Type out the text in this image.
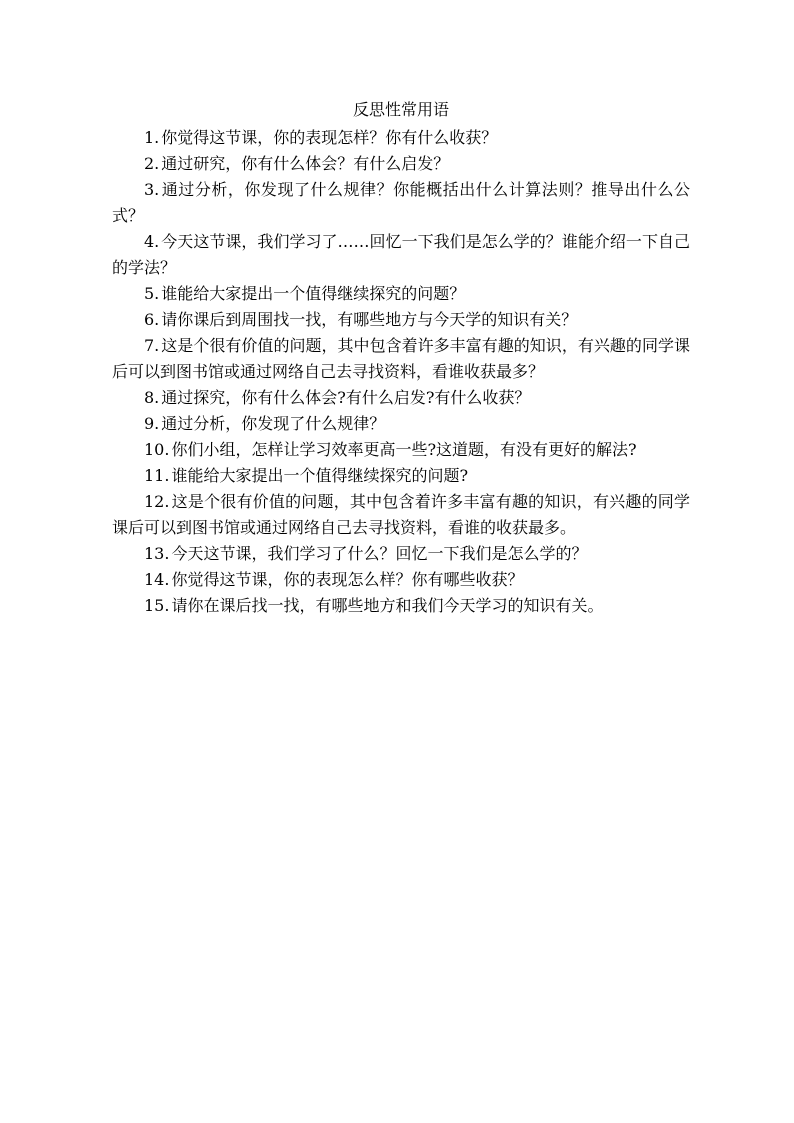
反思性常用语

1. 你觉得这节课，你的表现怎样？你有什么收获？

2. 通过研究，你有什么体会？有什么启发？

3. 通过分析，你发现了什么规律？你能概括出什么计算法则？推导出什么公式？

4. 今天这节课，我们学习了……回忆一下我们是怎么学的？谁能介绍一下自己的学法？

5. 谁能给大家提出一个值得继续探究的问题？

6. 请你课后到周围找一找，有哪些地方与今天学的知识有关？

7. 这是个很有价值的问题，其中包含着许多丰富有趣的知识，有兴趣的同学课后可以到图书馆或通过网络自己去寻找资料，看谁收获最多？

8. 通过探究，你有什么体会?有什么启发?有什么收获？

9. 通过分析，你发现了什么规律？

10. 你们小组，怎样让学习效率更高一些?这道题，有没有更好的解法?

11. 谁能给大家提出一个值得继续探究的问题?

12. 这是个很有价值的问题，其中包含着许多丰富有趣的知识，有兴趣的同学课后可以到图书馆或通过网络自己去寻找资料，看谁的收获最多。

13. 今天这节课，我们学习了什么？回忆一下我们是怎么学的？

14. 你觉得这节课，你的表现怎么样？你有哪些收获？

15. 请你在课后找一找，有哪些地方和我们今天学习的知识有关。
